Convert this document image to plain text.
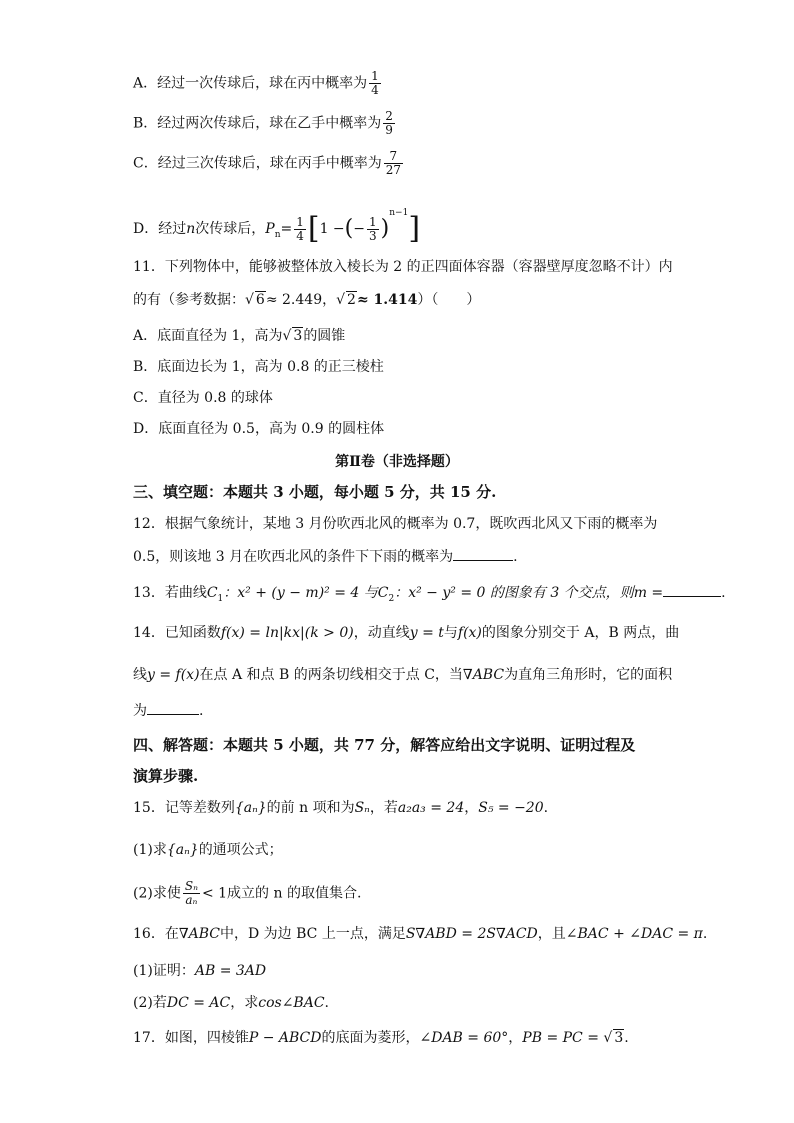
A．经过一次传球后，球在丙中概率为 $\frac{1}{4}$
B．经过两次传球后，球在乙手中概率为 $\frac{2}{9}$
C．经过三次传球后，球在丙手中概率为 $\frac{7}{27}$
D．经过n次传球后，$P_n= \frac{1}{4} [1$ −(− $\frac{1}{3} )^{n-1}$]
11．下列物体中，能够被整体放入棱长为 2 的正四面体容器（容器壁厚度忽略不计）内
的有（参考数据：√ 6≈ 2.449，√ 2≈ 1.414）（　　）
A．底面直径为 1，高为√ 3的圆锥
B．底面边长为 1，高为 0.8 的正三棱柱
C．直径为 0.8 的球体
D．底面直径为 0.5，高为 0.9 的圆柱体
第Ⅱ卷（非选择题）
三、填空题：本题共 3 小题，每小题 5 分，共 15 分.
12．根据气象统计，某地 3 月份吹西北风的概率为 0.7，既吹西北风又下雨的概率为
0.5，则该地 3 月在吹西北风的条件下下雨的概率为	.
13．若曲线$C_1$：x² + (y − m)² = 4 与$C_2$：x² − y² = 0 的图象有 3 个交点，则m =	.
14．已知函数f(x) = ln|kx|(k > 0)，动直线y = t与f(x)的图象分别交于 A，B 两点，曲
线y = f(x)在点 A 和点 B 的两条切线相交于点 C，当∇ABC为直角三角形时，它的面积
为	.
四、解答题：本题共 5 小题，共 77 分，解答应给出文字说明、证明过程及
演算步骤.
15．记等差数列{aₙ}的前 n 项和为Sₙ，若a₂a₃ = 24，S₅ = −20.
(1)求{aₙ}的通项公式；
(2)求使 $\frac{\text{Sₙ}}{\text{aₙ}} < 1$成立的 n 的取值集合.
16．在∇ABC中，D 为边 BC 上一点，满足S∇ABD = 2S∇ACD，且∠BAC + ∠DAC = π.
(1)证明：AB = 3AD
(2)若DC = AC，求cos∠BAC.
17．如图，四棱锥P − ABCD的底面为菱形，∠DAB = 60°，PB = PC = √ 3.
